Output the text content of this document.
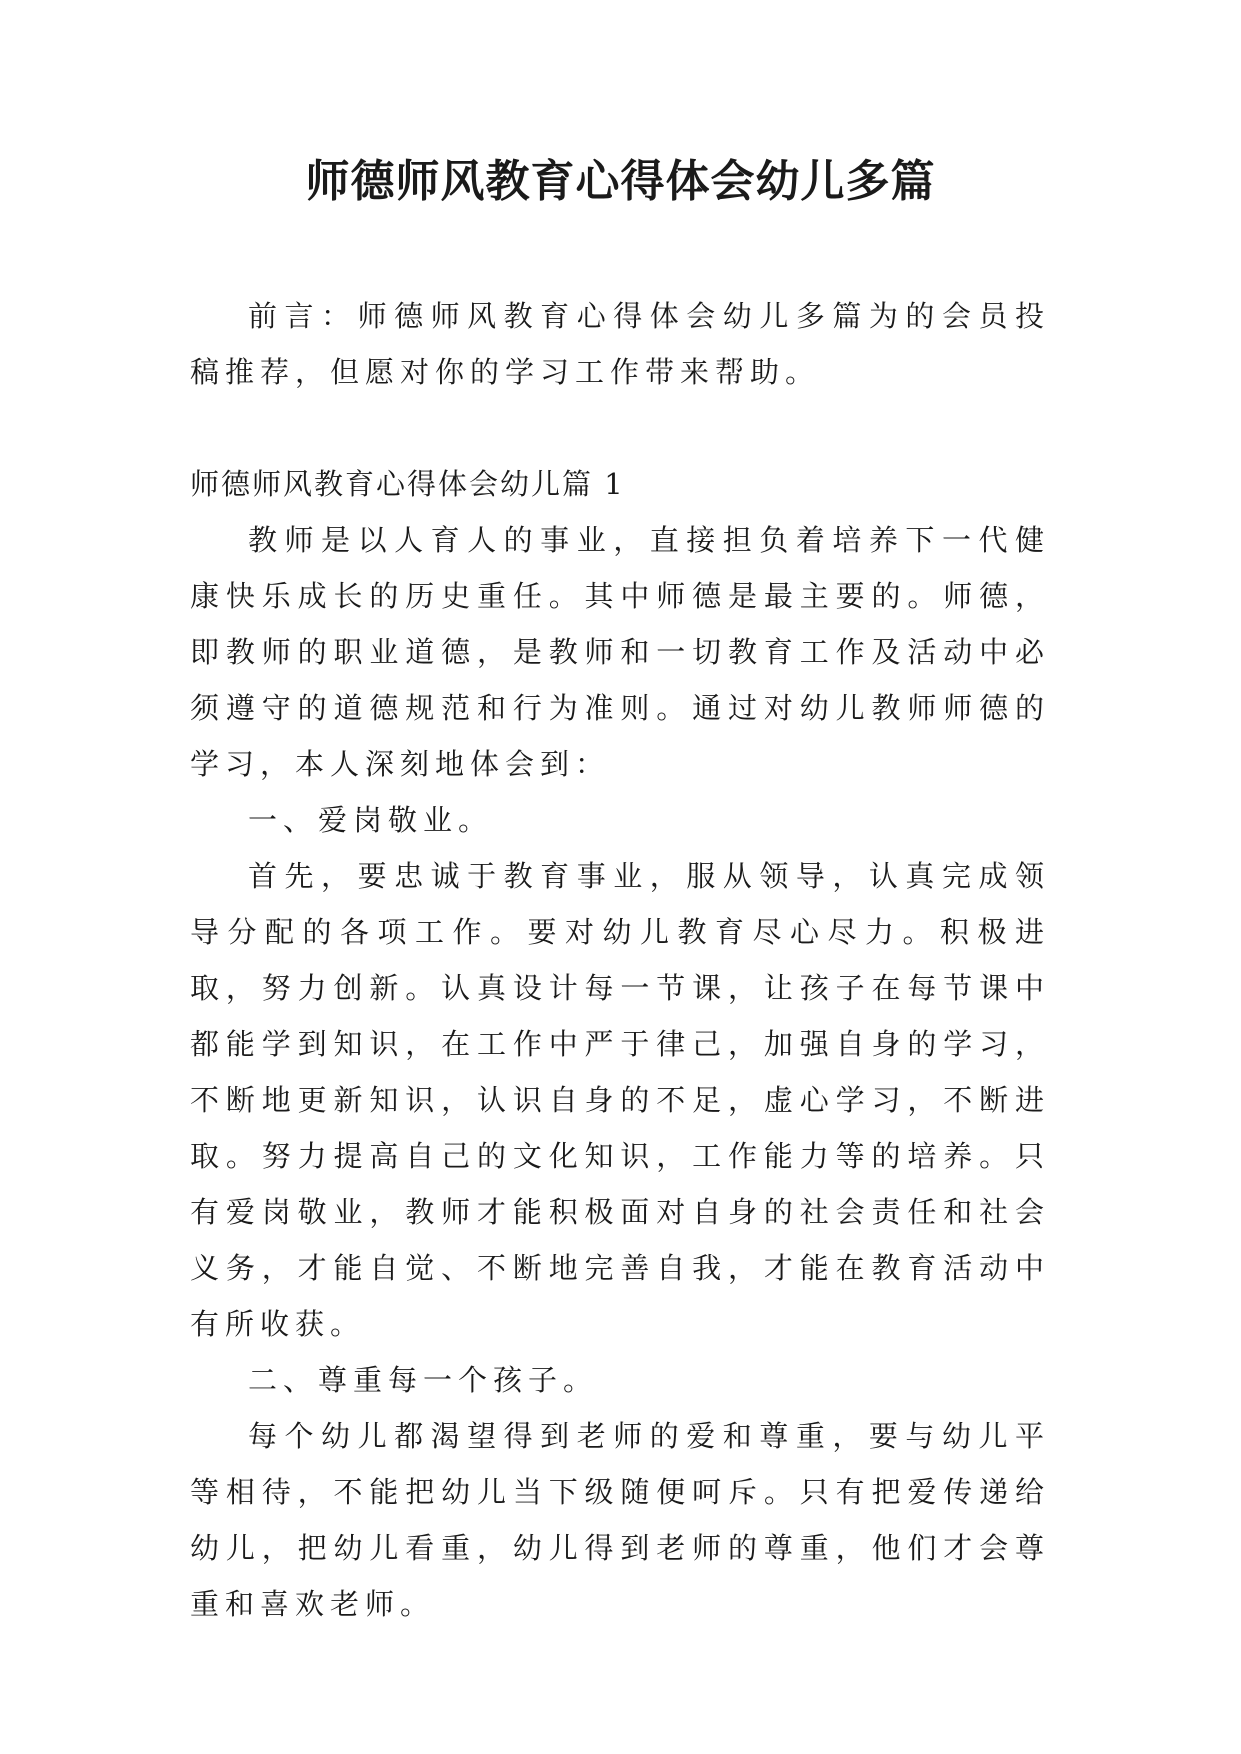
师德师风教育心得体会幼儿多篇

前言：师德师风教育心得体会幼儿多篇为的会员投稿推荐，但愿对你的学习工作带来帮助。

师德师风教育心得体会幼儿篇 1

教师是以人育人的事业，直接担负着培养下一代健康快乐成长的历史重任。其中师德是最主要的。师德，即教师的职业道德，是教师和一切教育工作及活动中必须遵守的道德规范和行为准则。通过对幼儿教师师德的学习，本人深刻地体会到：

一、爱岗敬业。

首先，要忠诚于教育事业，服从领导，认真完成领导分配的各项工作。要对幼儿教育尽心尽力。积极进取，努力创新。认真设计每一节课，让孩子在每节课中都能学到知识，在工作中严于律己，加强自身的学习，不断地更新知识，认识自身的不足，虚心学习，不断进取。努力提高自己的文化知识，工作能力等的培养。只有爱岗敬业，教师才能积极面对自身的社会责任和社会义务，才能自觉、不断地完善自我，才能在教育活动中有所收获。

二、尊重每一个孩子。

每个幼儿都渴望得到老师的爱和尊重，要与幼儿平等相待，不能把幼儿当下级随便呵斥。只有把爱传递给幼儿，把幼儿看重，幼儿得到老师的尊重，他们才会尊重和喜欢老师。
